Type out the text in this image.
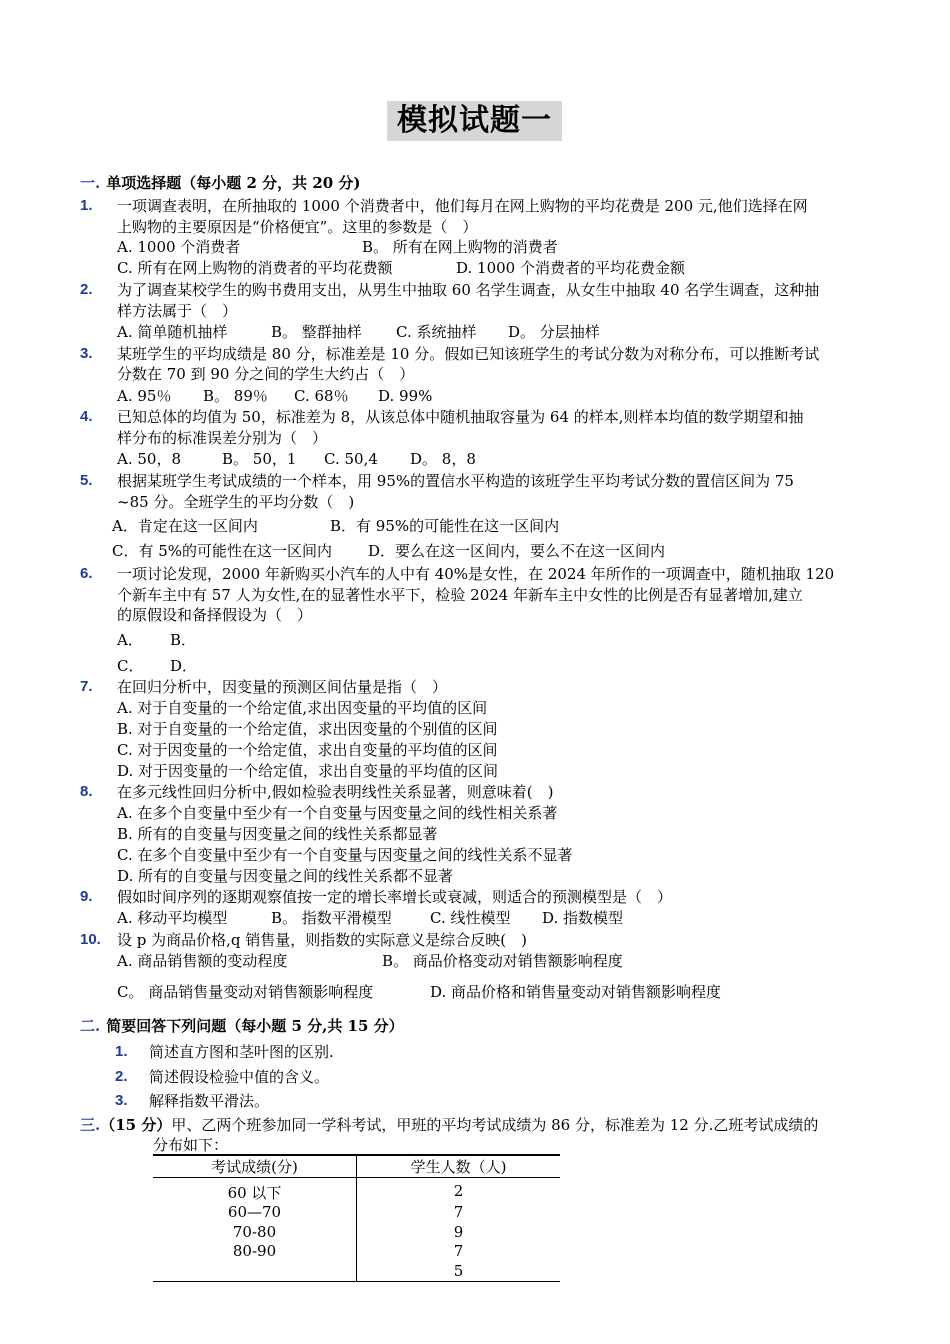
模拟试题一
一. 单项选择题（每小题 2 分，共 20 分)
1.	一项调查表明，在所抽取的 1000 个消费者中，他们每月在网上购物的平均花费是 200 元,他们选择在网
上购物的主要原因是“价格便宜”。这里的参数是（　）
A. 1000 个消费者	B。 所有在网上购物的消费者
C. 所有在网上购物的消费者的平均花费额	D. 1000 个消费者的平均花费金额
2.	为了调查某校学生的购书费用支出，从男生中抽取 60 名学生调查，从女生中抽取 40 名学生调查，这种抽
样方法属于（　）
A. 简单随机抽样	B。 整群抽样 C. 系统抽样 D。 分层抽样
3.	某班学生的平均成绩是 80 分，标准差是 10 分。假如已知该班学生的考试分数为对称分布，可以推断考试
分数在 70 到 90 分之间的学生大约占（　）
A. 95％ B。 89％ C. 68％ D. 99%
4.	已知总体的均值为 50，标准差为 8，从该总体中随机抽取容量为 64 的样本,则样本均值的数学期望和抽
样分布的标准误差分别为（　）
A. 50，8	B。 50，1 C. 50,4 D。 8，8
5.	根据某班学生考试成绩的一个样本，用 95%的置信水平构造的该班学生平均考试分数的置信区间为 75
~85 分。全班学生的平均分数（　)
A．肯定在这一区间内	B．有 95%的可能性在这一区间内
C．有 5%的可能性在这一区间内 D．要么在这一区间内，要么不在这一区间内
6.	一项讨论发现，2000 年新购买小汽车的人中有 40%是女性，在 2024 年所作的一项调查中，随机抽取 120
个新车主中有 57 人为女性,在的显著性水平下，检验 2024 年新车主中女性的比例是否有显著增加,建立
的原假设和备择假设为（　）
A． B．
C． D．
7.	在回归分析中，因变量的预测区间估量是指（　）
A. 对于自变量的一个给定值,求出因变量的平均值的区间
B. 对于自变量的一个给定值，求出因变量的个别值的区间
C. 对于因变量的一个给定值，求出自变量的平均值的区间
D. 对于因变量的一个给定值，求出自变量的平均值的区间
8.	在多元线性回归分析中,假如检验表明线性关系显著，则意味着(　)
A. 在多个自变量中至少有一个自变量与因变量之间的线性相关系著
B. 所有的自变量与因变量之间的线性关系都显著
C. 在多个自变量中至少有一个自变量与因变量之间的线性关系不显著
D. 所有的自变量与因变量之间的线性关系都不显著
9.	假如时间序列的逐期观察值按一定的增长率增长或衰减，则适合的预测模型是（　）
A. 移动平均模型	B。 指数平滑模型	C. 线性模型 D. 指数模型
10.	设 p 为商品价格,q 销售量，则指数的实际意义是综合反映(　)
A. 商品销售额的变动程度	B。 商品价格变动对销售额影响程度
C。 商品销售量变动对销售额影响程度	D. 商品价格和销售量变动对销售额影响程度
二. 简要回答下列问题（每小题 5 分,共 15 分）
1.	简述直方图和茎叶图的区别.
2.	简述假设检验中值的含义。
3.	解释指数平滑法。
三.（15 分）甲、乙两个班参加同一学科考试，甲班的平均考试成绩为 86 分，标准差为 12 分.乙班考试成绩的
分布如下：
考试成绩(分)	学生人数（人)

60 以下	2
60—70	7
70-80	9
80-90	7
	5
